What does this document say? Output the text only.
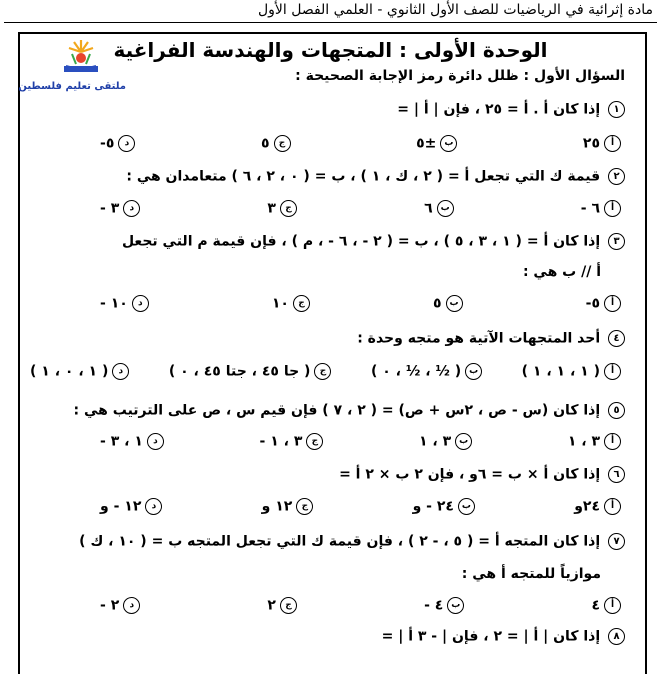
مادة إثرائية في الرياضيات للصف الأول الثانوي - العلمي الفصل الأول
ملتقى تعليم فلسطين
الوحدة الأولى : المتجهات والهندسة الفراغية
السؤال الأول : ظلل دائرة رمز الإجابة الصحيحة :
١ إذا كان أ . أ = ٢٥ ، فإن | أ | =
أ٢٥
ب±٥
ج٥
د٥-
٢ قيمة ك التي تجعل أ = ( ٢ ، ك ، ١ ) ، ب = ( ٠ ، ٢ ، ٦ ) متعامدان هي :
أ٦ -
ب٦
ج٣
د٣ -
٣ إذا كان أ = ( ١ ، ٣ ، ٥ ) ، ب = ( ٢ - ، ٦ - ، م ) ، فإن قيمة م التي تجعل
أ // ب هي :
أ٥-
ب٥
ج١٠
د١٠ -
٤ أحد المتجهات الآتية هو متجه وحدة :
أ( ١ ، ١ ، ١ )
ب( ½ ، ½ ، ٠ )
ج( جا ٤٥ ، جتا ٤٥ ، ٠ )
د( ١ ، ٠ ، ١ )
٥ إذا كان (س - ص ، ٢س + ص) = ( ٢ ، ٧ ) فإن قيم س ، ص على الترتيب هي :
أ٣ ، ١
ب٣ ، ١
ج٣ ، ١ -
د١ ، ٣ -
٦ إذا كان أ × ب = ٦و ، فإن ٢ ب × ٢ أ =
أ٢٤و
ب٢٤ - و
ج١٢ و
د١٢ - و
٧ إذا كان المتجه أ = ( ٥ ، - ٢ ) ، فإن قيمة ك التي تجعل المتجه ب = ( ١٠ ، ك )
موازياً للمتجه أ هي :
أ٤
ب٤ -
ج٢
د٢ -
٨ إذا كان | أ | = ٢ ، فإن | - ٣ أ | =
